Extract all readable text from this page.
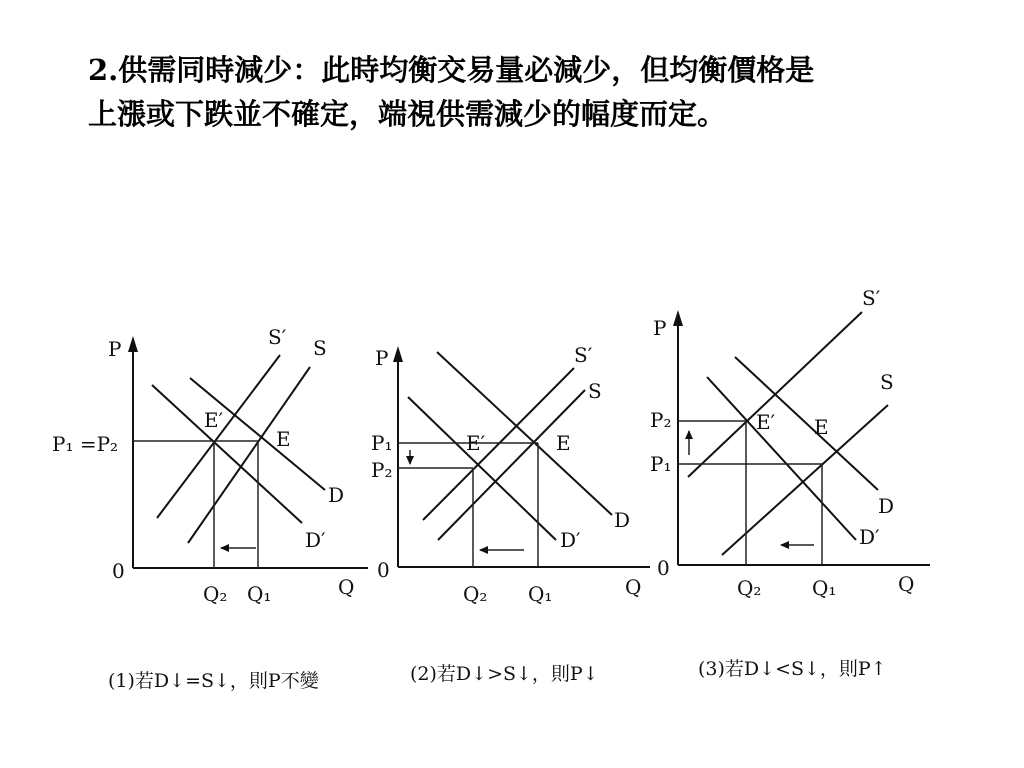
2.供需同時減少：此時均衡交易量必減少，但均衡價格是
上漲或下跌並不確定，端視供需減少的幅度而定。
P
Q
0
E′
E
S′ S
D
D′
P₁ =P₂
Q₂ Q₁
(1)若D↓=S↓，則P不變
P
Q
0
E′	E
S′
S
D
D′
P₁
P₂
Q₂ Q₁
(2)若D↓>S↓，則P↓
P
Q
0
E′ E
S′
S
D
D′
P₂
P₁
Q₂	Q₁
(3)若D↓<S↓，則P↑
